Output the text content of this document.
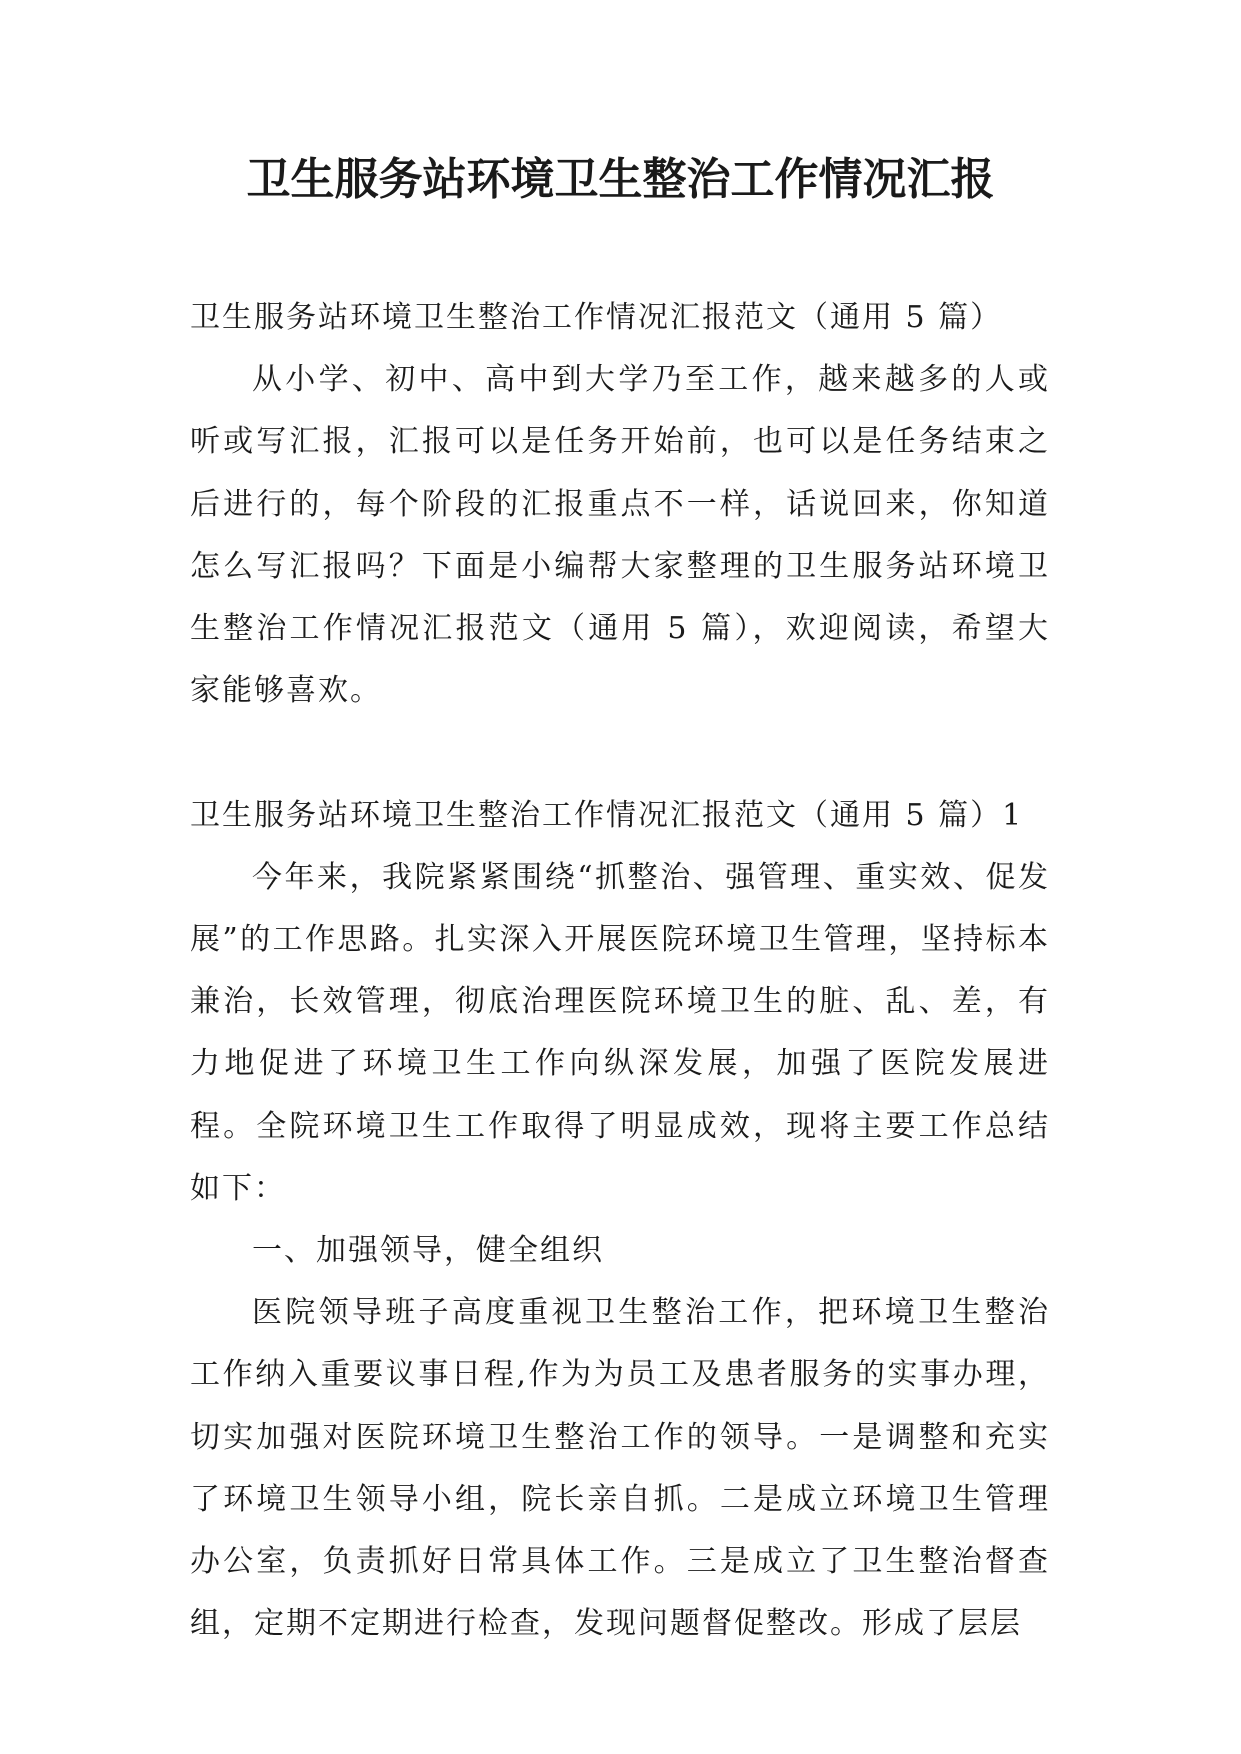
卫生服务站环境卫生整治工作情况汇报

卫生服务站环境卫生整治工作情况汇报范文（通用 5 篇）

从小学、初中、高中到大学乃至工作，越来越多的人或听或写汇报，汇报可以是任务开始前，也可以是任务结束之后进行的，每个阶段的汇报重点不一样，话说回来，你知道怎么写汇报吗？下面是小编帮大家整理的卫生服务站环境卫生整治工作情况汇报范文（通用 5 篇），欢迎阅读，希望大家能够喜欢。

卫生服务站环境卫生整治工作情况汇报范文（通用 5 篇）1

今年来，我院紧紧围绕“抓整治、强管理、重实效、促发展”的工作思路。扎实深入开展医院环境卫生管理，坚持标本兼治，长效管理，彻底治理医院环境卫生的脏、乱、差，有力地促进了环境卫生工作向纵深发展，加强了医院发展进程。全院环境卫生工作取得了明显成效，现将主要工作总结如下：

一、加强领导，健全组织

医院领导班子高度重视卫生整治工作，把环境卫生整治工作纳入重要议事日程,作为为员工及患者服务的实事办理，切实加强对医院环境卫生整治工作的领导。一是调整和充实了环境卫生领导小组，院长亲自抓。二是成立环境卫生管理办公室，负责抓好日常具体工作。三是成立了卫生整治督查组，定期不定期进行检查，发现问题督促整改。形成了层层
